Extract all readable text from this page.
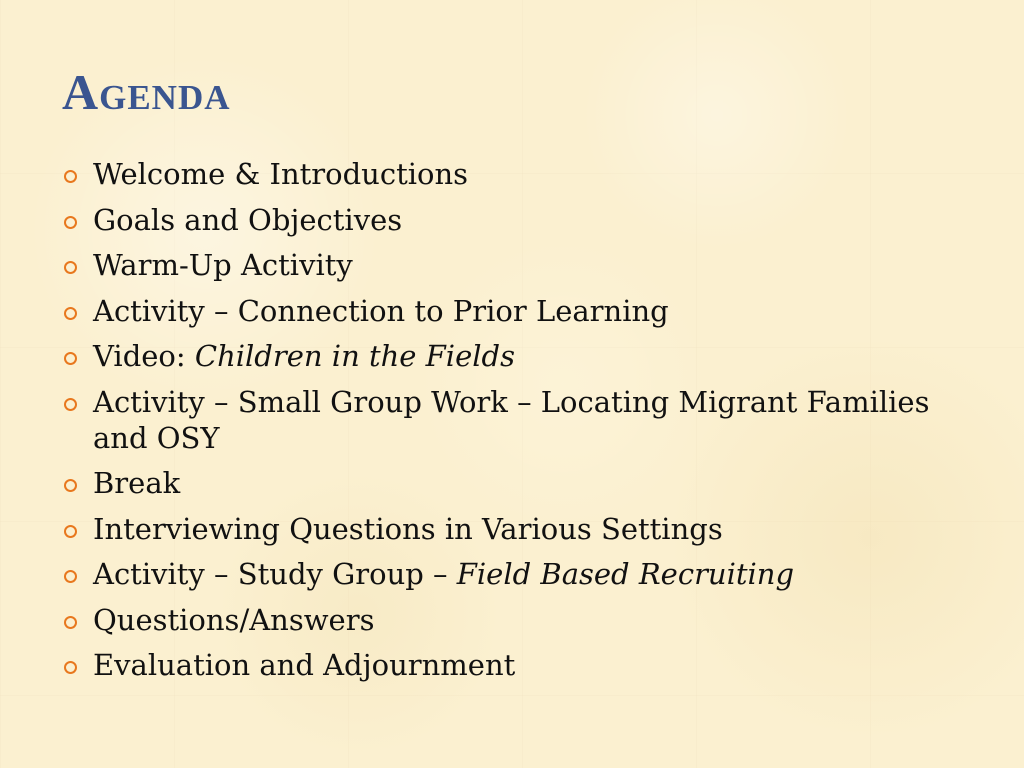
Agenda
Welcome & Introductions
Goals and Objectives
Warm-Up Activity
Activity – Connection to Prior Learning
Video: Children in the Fields
Activity – Small Group Work – Locating Migrant Families and OSY
Break
Interviewing Questions in Various Settings
Activity – Study Group – Field Based Recruiting
Questions/Answers
Evaluation and Adjournment
